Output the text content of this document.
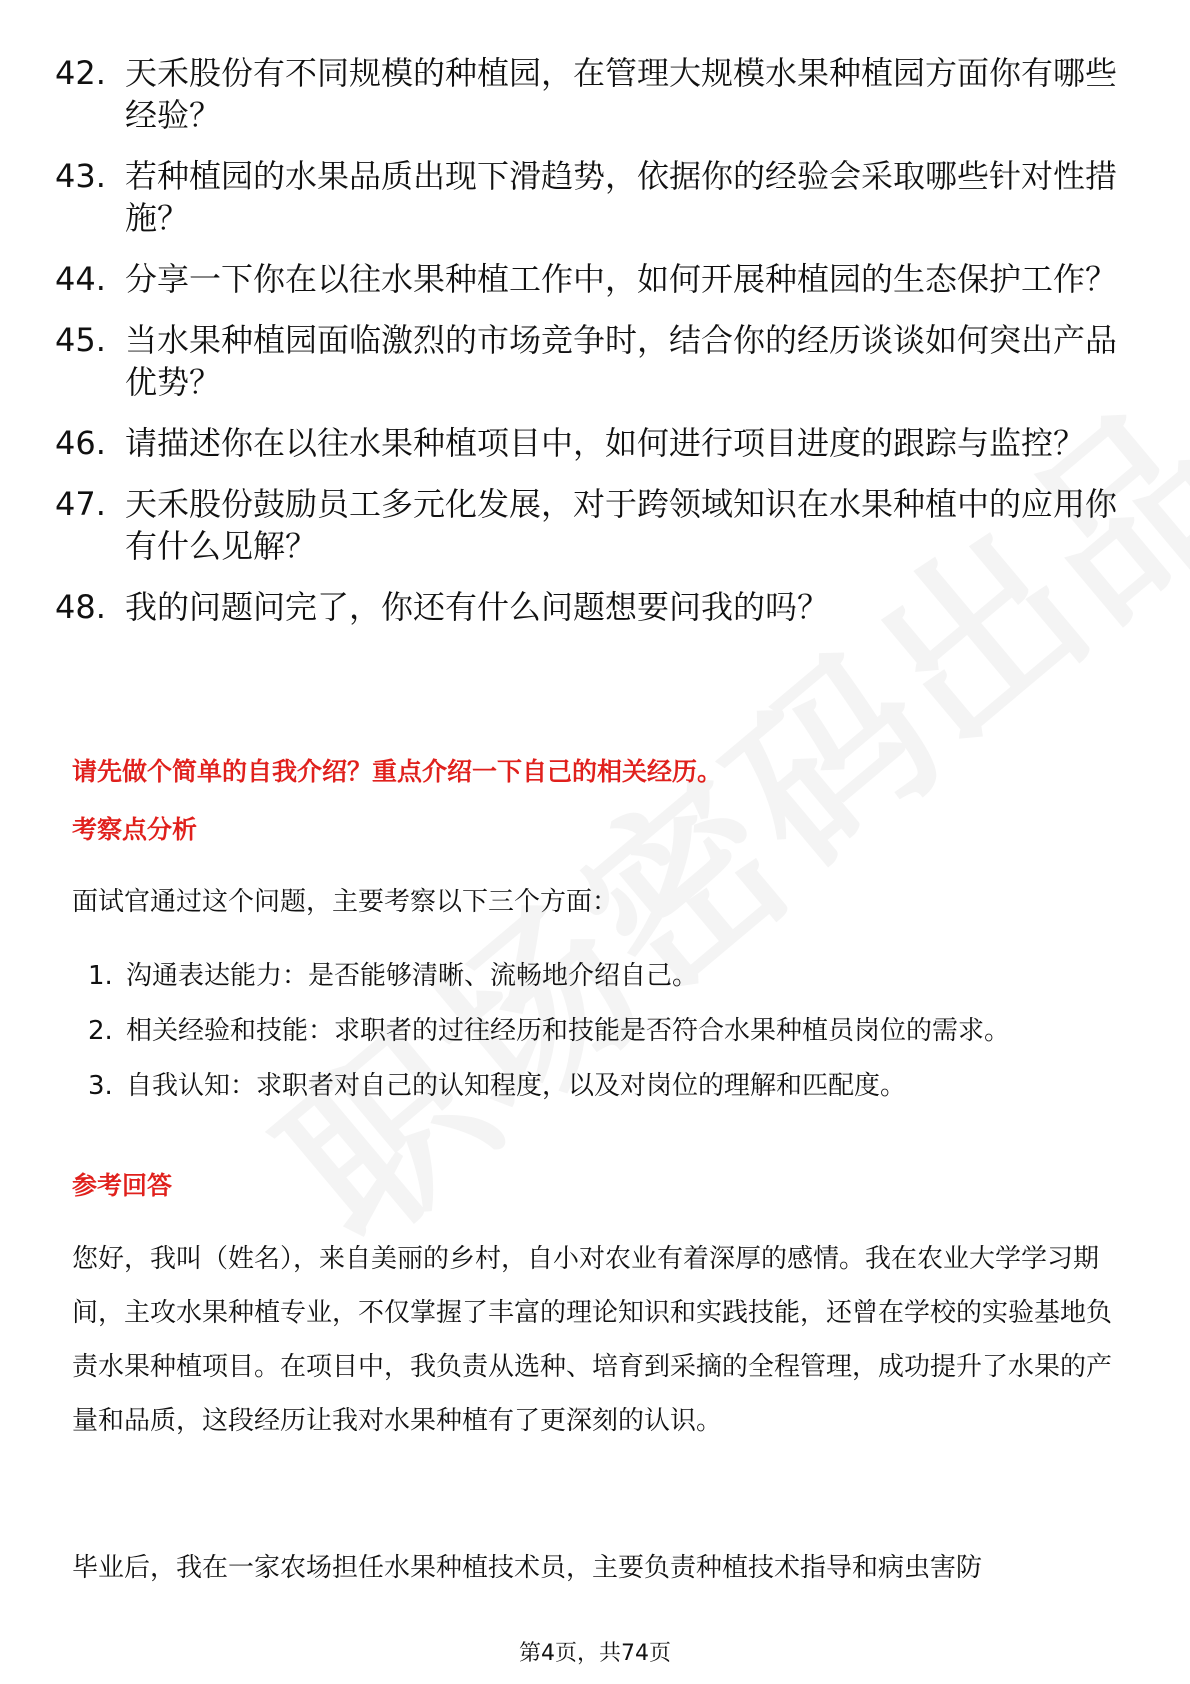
42. 天禾股份有不同规模的种植园，在管理大规模水果种植园方面你有哪些经验？
43. 若种植园的水果品质出现下滑趋势，依据你的经验会采取哪些针对性措施？
44. 分享一下你在以往水果种植工作中，如何开展种植园的生态保护工作？
45. 当水果种植园面临激烈的市场竞争时，结合你的经历谈谈如何突出产品优势？
46. 请描述你在以往水果种植项目中，如何进行项目进度的跟踪与监控？
47. 天禾股份鼓励员工多元化发展，对于跨领域知识在水果种植中的应用你有什么见解？
48. 我的问题问完了，你还有什么问题想要问我的吗？
请先做个简单的自我介绍？重点介绍一下自己的相关经历。
考察点分析

面试官通过这个问题，主要考察以下三个方面：

1. 沟通表达能力：是否能够清晰、流畅地介绍自己。
2. 相关经验和技能：求职者的过往经历和技能是否符合水果种植员岗位的需求。
3. 自我认知：求职者对自己的认知程度，以及对岗位的理解和匹配度。
参考回答

您好，我叫（姓名），来自美丽的乡村，自小对农业有着深厚的感情。我在农业大学学习期间，主攻水果种植专业，不仅掌握了丰富的理论知识和实践技能，还曾在学校的实验基地负责水果种植项目。在项目中，我负责从选种、培育到采摘的全程管理，成功提升了水果的产量和品质，这段经历让我对水果种植有了更深刻的认识。

毕业后，我在一家农场担任水果种植技术员，主要负责种植技术指导和病虫害防

第4页，共74页
